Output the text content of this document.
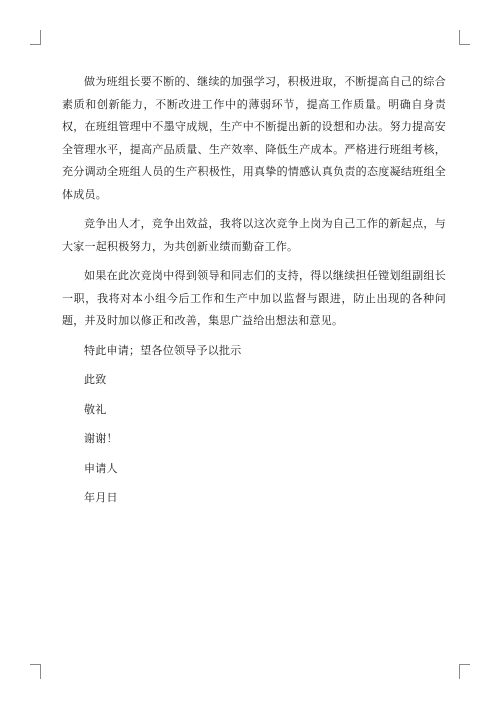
做为班组长要不断的、继续的加强学习，积极进取，不断提高自己的综合素质和创新能力，不断改进工作中的薄弱环节，提高工作质量。明确自身责权，在班组管理中不墨守成规，生产中不断提出新的设想和办法。努力提高安全管理水平，提高产品质量、生产效率、降低生产成本。严格进行班组考核，充分调动全班组人员的生产积极性，用真挚的情感认真负责的态度凝结班组全体成员。

竞争出人才，竞争出效益，我将以这次竞争上岗为自己工作的新起点，与大家一起积极努力，为共创新业绩而勤奋工作。

如果在此次竞岗中得到领导和同志们的支持，得以继续担任镗划组副组长一职，我将对本小组今后工作和生产中加以监督与跟进，防止出现的各种问题，并及时加以修正和改善，集思广益给出想法和意见。

特此申请；望各位领导予以批示

此致

敬礼

谢谢！

申请人

年月日
